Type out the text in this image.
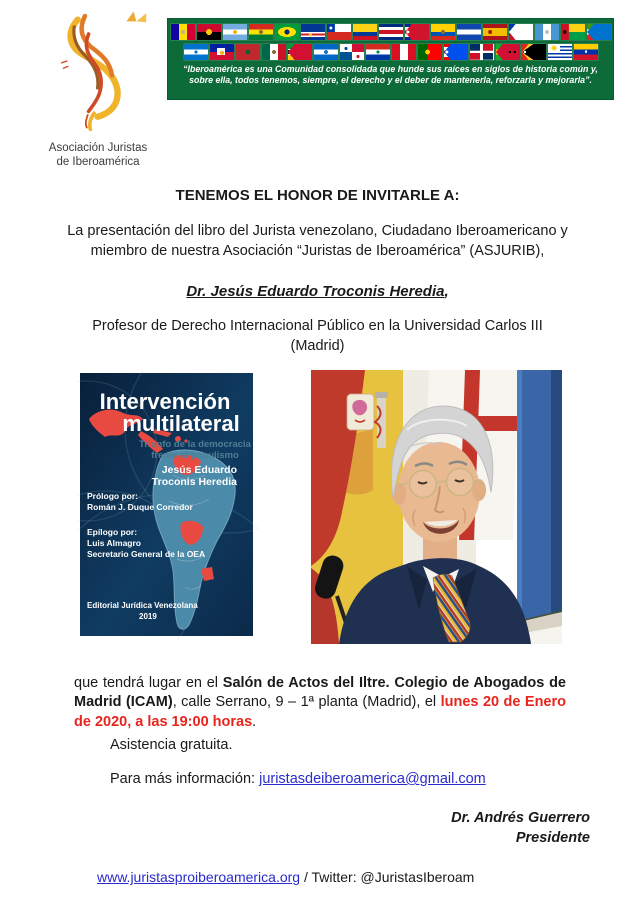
Asociación Juristas
de Iberoamérica
“Iberoamérica es una Comunidad consolidada que hunde sus raíces en siglos de historia común y,
sobre ella, todos tenemos, siempre, el derecho y el deber de mantenerla, reforzarla y mejorarla”.
TENEMOS EL HONOR DE INVITARLE A:
La presentación del libro del Jurista venezolano, Ciudadano Iberoamericano y
miembro de nuestra Asociación “Juristas de Iberoamérica” (ASJURIB),
Dr. Jesús Eduardo Troconis Heredia,
Profesor de Derecho Internacional Público en la Universidad Carlos III
(Madrid)
Intervención
multilateral
Triunfo de la democracia
frente al populismo
Jesús Eduardo
Troconis Heredia
Prólogo por:
Román J. Duque Corredor
Epílogo por:
Luis Almagro
Secretario General de la OEA
Editorial Jurídica Venezolana
2019

que tendrá lugar en el Salón de Actos del Iltre. Colegio de Abogados de Madrid (ICAM), calle Serrano, 9 – 1ª planta (Madrid), el lunes 20 de Enero de 2020, a las 19:00 horas.

Asistencia gratuita.
Para más información: juristasdeiberoamerica@gmail.com
Dr. Andrés Guerrero
Presidente
www.juristasproiberoamerica.org / Twitter: @JuristasIberoam
